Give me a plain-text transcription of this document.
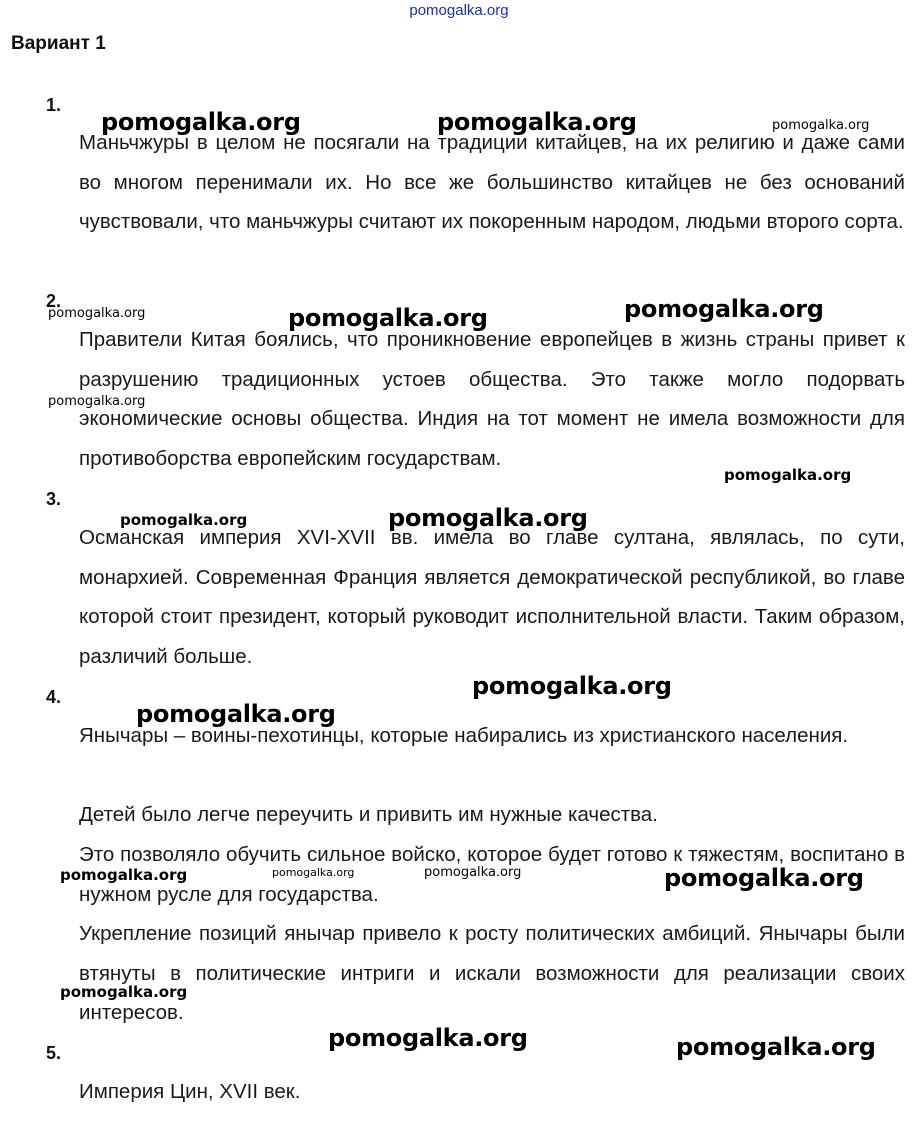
pomogalka.org
Вариант 1
1.

Маньчжуры в целом не посягали на традиции китайцев, на их религию и даже сами во многом перенимали их. Но все же большинство китайцев не без оснований чувствовали, что маньчжуры считают их покоренным народом, людьми второго сорта.

2.

Правители Китая боялись, что проникновение европейцев в жизнь страны привет к разрушению традиционных устоев общества. Это также могло подорвать экономические основы общества. Индия на тот момент не имела возможности для противоборства европейским государствам.

3.

Османская империя XVI-XVII вв. имела во главе султана, являлась, по сути, монархией. Современная Франция является демократической республикой, во главе которой стоит президент, который руководит исполнительной власти. Таким образом, различий больше.

4.

Янычары – воины-пехотинцы, которые набирались из христианского населения.

Детей было легче переучить и привить им нужные качества.

Это позволяло обучить сильное войско, которое будет готово к тяжестям, воспитано в нужном русле для государства.

Укрепление позиций янычар привело к росту политических амбиций. Янычары были втянуты в политические интриги и искали возможности для реализации своих интересов.

5.

Империя Цин, XVII век.

pomogalka.org	pomogalka.org	pomogalka.org
pomogalka.org	pomogalka.org	pomogalka.org
pomogalka.org
pomogalka.org
pomogalka.org	pomogalka.org
pomogalka.org
pomogalka.org
pomogalka.org	pomogalka.org	pomogalka.org	pomogalka.org
pomogalka.org
pomogalka.org	pomogalka.org
